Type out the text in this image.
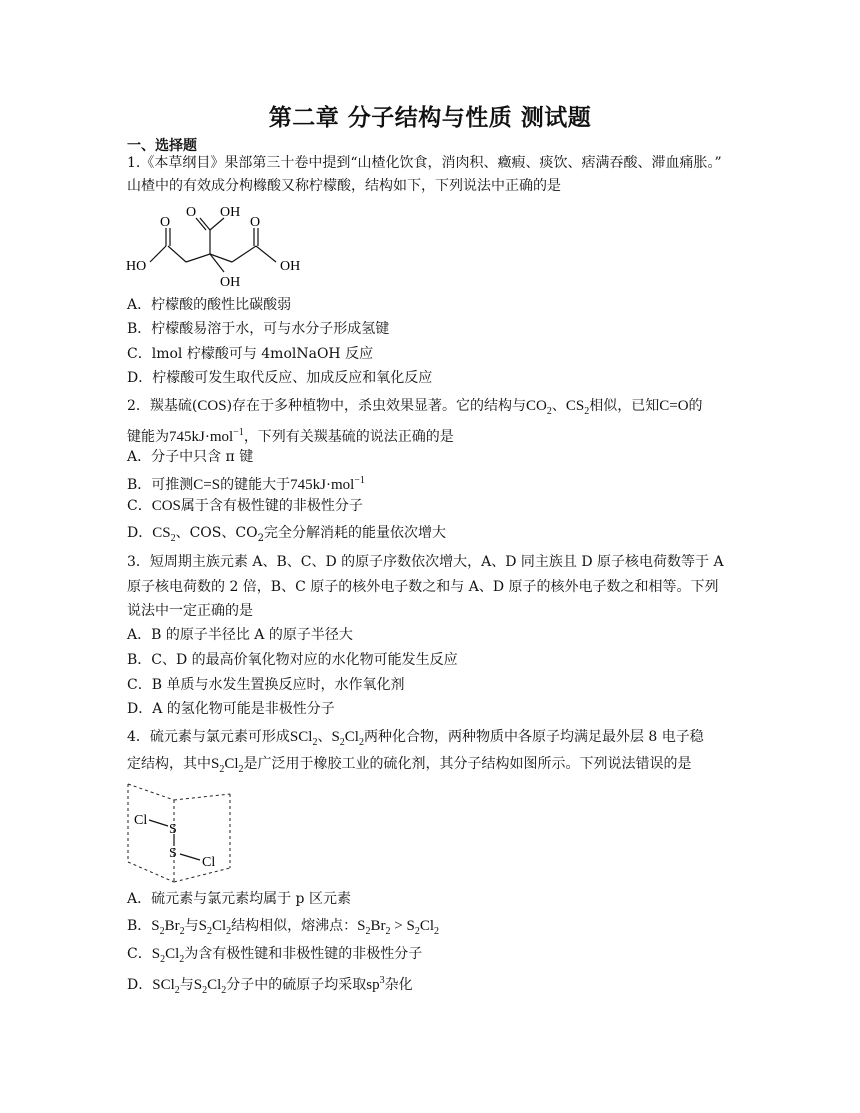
第二章 分子结构与性质 测试题
一、选择题
1.《本草纲目》果部第三十卷中提到“山楂化饮食，消肉积、癥瘕、痰饮、痞满吞酸、滞血痛胀。”
山楂中的有效成分枸橼酸又称柠檬酸，结构如下，下列说法中正确的是
O
O OH
O
HO	OH
OH
A．柠檬酸的酸性比碳酸弱
B．柠檬酸易溶于水，可与水分子形成氢键
C．lmol 柠檬酸可与 4molNaOH 反应
D．柠檬酸可发生取代反应、加成反应和氧化反应
2．羰基硫(COS)存在于多种植物中，杀虫效果显著。它的结构与$CO_2$、$CS_2$相似，已知C=O的
键能为745kJ·mol$^{-1}$，下列有关羰基硫的说法正确的是
A．分子中只含 π 键
B．可推测C=S的键能大于745kJ·mol$^{-1}$
C．COS属于含有极性键的非极性分子
D．$CS_2$、COS、$CO_2$完全分解消耗的能量依次增大
3．短周期主族元素 A、B、C、D 的原子序数依次增大，A、D 同主族且 D 原子核电荷数等于 A
原子核电荷数的 2 倍，B、C 原子的核外电子数之和与 A、D 原子的核外电子数之和相等。下列
说法中一定正确的是
A．B 的原子半径比 A 的原子半径大
B．C、D 的最高价氧化物对应的水化物可能发生反应
C．B 单质与水发生置换反应时，水作氧化剂
D．A 的氢化物可能是非极性分子
4．硫元素与氯元素可形成SCl$_2$、$S_2Cl_2$两种化合物，两种物质中各原子均满足最外层 8 电子稳
定结构，其中$S_2Cl_2$是广泛用于橡胶工业的硫化剂，其分子结构如图所示。下列说法错误的是
Cl
S
S
Cl
A．硫元素与氯元素均属于 p 区元素
B．$S_2Br_2$与$S_2Cl_2$结构相似，熔沸点：$S_2Br_2 > S_2Cl_2$
C．$S_2Cl_2$为含有极性键和非极性键的非极性分子
D．SCl$_2$与$S_2Cl_2$分子中的硫原子均采取$sp^3$杂化
